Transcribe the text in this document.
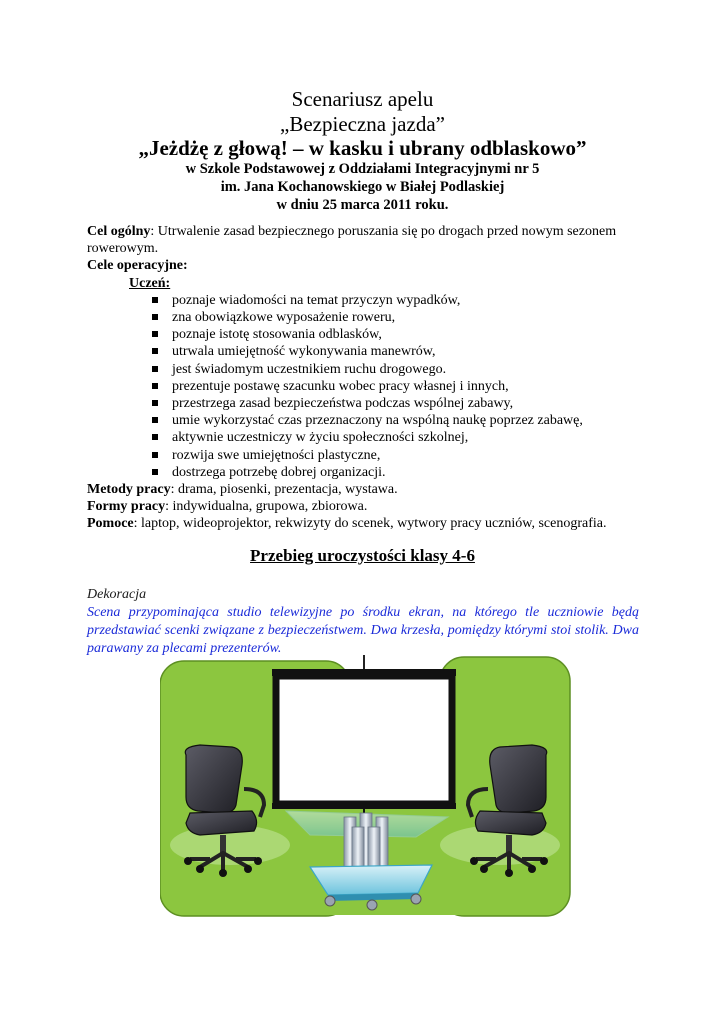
Scenariusz apelu
„Bezpieczna jazda”
„Jeżdżę z głową! – w kasku i ubrany odblaskowo”
w Szkole Podstawowej z Oddziałami Integracyjnymi nr 5
im. Jana Kochanowskiego w Białej Podlaskiej
w dniu 25 marca 2011 roku.

Cel ogólny: Utrwalenie zasad bezpiecznego poruszania się po drogach przed nowym sezonem rowerowym.

Cele operacyjne:

Uczeń:

poznaje wiadomości na temat przyczyn wypadków,
zna obowiązkowe wyposażenie roweru,
poznaje istotę stosowania odblasków,
utrwala umiejętność wykonywania manewrów,
jest świadomym uczestnikiem ruchu drogowego.
prezentuje postawę szacunku wobec pracy własnej i innych,
przestrzega zasad bezpieczeństwa podczas wspólnej zabawy,
umie wykorzystać czas przeznaczony na wspólną naukę poprzez zabawę,
aktywnie uczestniczy w życiu społeczności szkolnej,
rozwija swe umiejętności plastyczne,
dostrzega potrzebę dobrej organizacji.

Metody pracy: drama, piosenki, prezentacja, wystawa.

Formy pracy: indywidualna, grupowa, zbiorowa.

Pomoce: laptop, wideoprojektor, rekwizyty do scenek, wytwory pracy uczniów, scenografia.

Przebieg uroczystości klasy 4-6
Dekoracja
Scena przypominająca studio telewizyjne po środku ekran, na którego tle uczniowie będą przedstawiać scenki związane z bezpieczeństwem. Dwa krzesła, pomiędzy którymi stoi stolik. Dwa parawany za plecami prezenterów.
